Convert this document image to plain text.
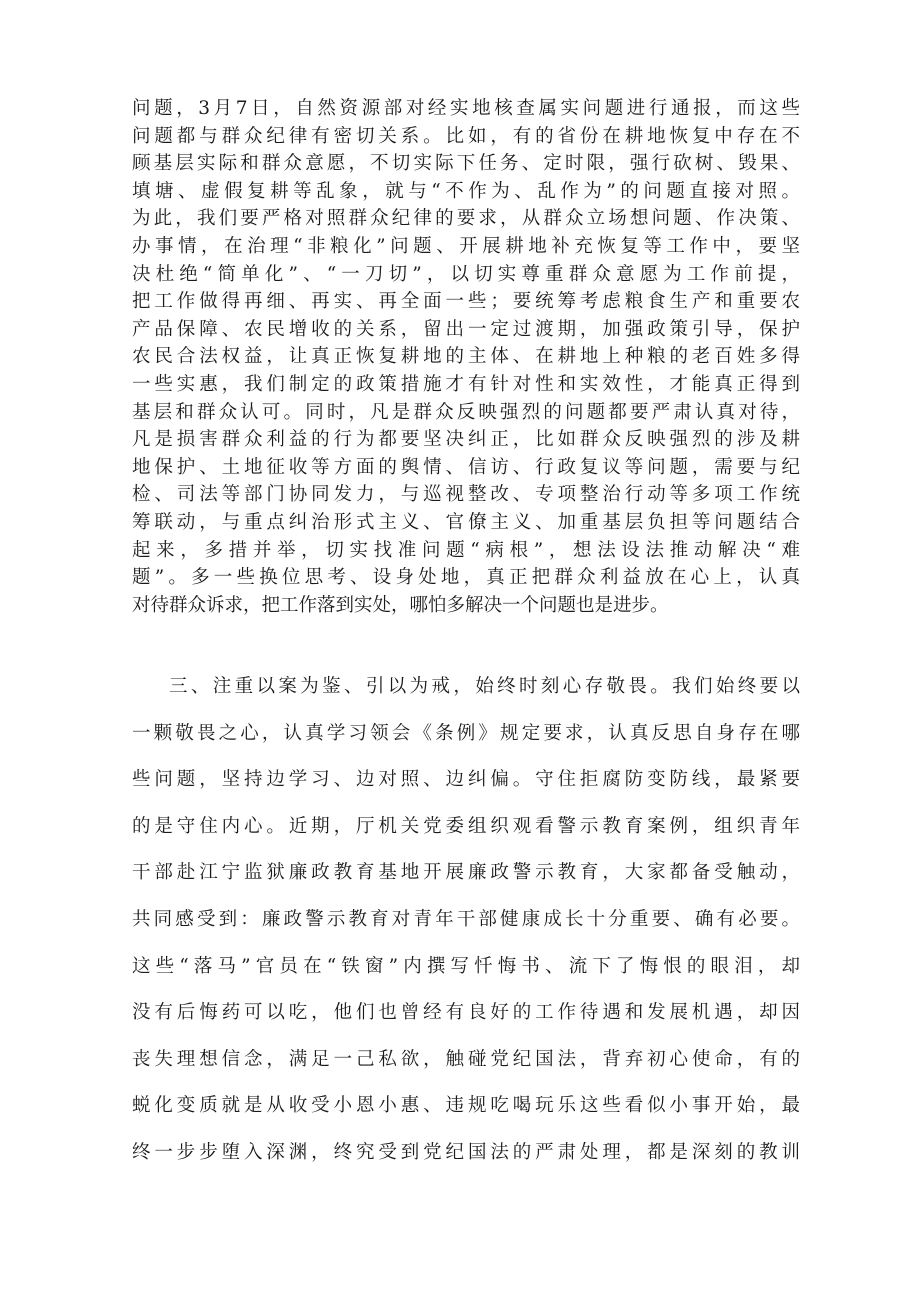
问题，3月7日，自然资源部对经实地核查属实问题进行通报，而这些
问题都与群众纪律有密切关系。比如，有的省份在耕地恢复中存在不
顾基层实际和群众意愿，不切实际下任务、定时限，强行砍树、毁果、
填塘、虚假复耕等乱象，就与“不作为、乱作为”的问题直接对照。
为此，我们要严格对照群众纪律的要求，从群众立场想问题、作决策、
办事情，在治理“非粮化”问题、开展耕地补充恢复等工作中，要坚
决杜绝“简单化”、“一刀切”，以切实尊重群众意愿为工作前提，
把工作做得再细、再实、再全面一些；要统筹考虑粮食生产和重要农
产品保障、农民增收的关系，留出一定过渡期，加强政策引导，保护
农民合法权益，让真正恢复耕地的主体、在耕地上种粮的老百姓多得
一些实惠，我们制定的政策措施才有针对性和实效性，才能真正得到
基层和群众认可。同时，凡是群众反映强烈的问题都要严肃认真对待，
凡是损害群众利益的行为都要坚决纠正，比如群众反映强烈的涉及耕
地保护、土地征收等方面的舆情、信访、行政复议等问题，需要与纪
检、司法等部门协同发力，与巡视整改、专项整治行动等多项工作统
筹联动，与重点纠治形式主义、官僚主义、加重基层负担等问题结合
起来，多措并举，切实找准问题“病根”，想法设法推动解决“难
题”。多一些换位思考、设身处地，真正把群众利益放在心上，认真
对待群众诉求，把工作落到实处，哪怕多解决一个问题也是进步。
三、注重以案为鉴、引以为戒，始终时刻心存敬畏。我们始终要以
一颗敬畏之心，认真学习领会《条例》规定要求，认真反思自身存在哪
些问题，坚持边学习、边对照、边纠偏。守住拒腐防变防线，最紧要
的是守住内心。近期，厅机关党委组织观看警示教育案例，组织青年
干部赴江宁监狱廉政教育基地开展廉政警示教育，大家都备受触动，
共同感受到：廉政警示教育对青年干部健康成长十分重要、确有必要。
这些“落马”官员在“铁窗”内撰写忏悔书、流下了悔恨的眼泪，却
没有后悔药可以吃，他们也曾经有良好的工作待遇和发展机遇，却因
丧失理想信念，满足一己私欲，触碰党纪国法，背弃初心使命，有的
蜕化变质就是从收受小恩小惠、违规吃喝玩乐这些看似小事开始，最
终一步步堕入深渊，终究受到党纪国法的严肃处理，都是深刻的教训
